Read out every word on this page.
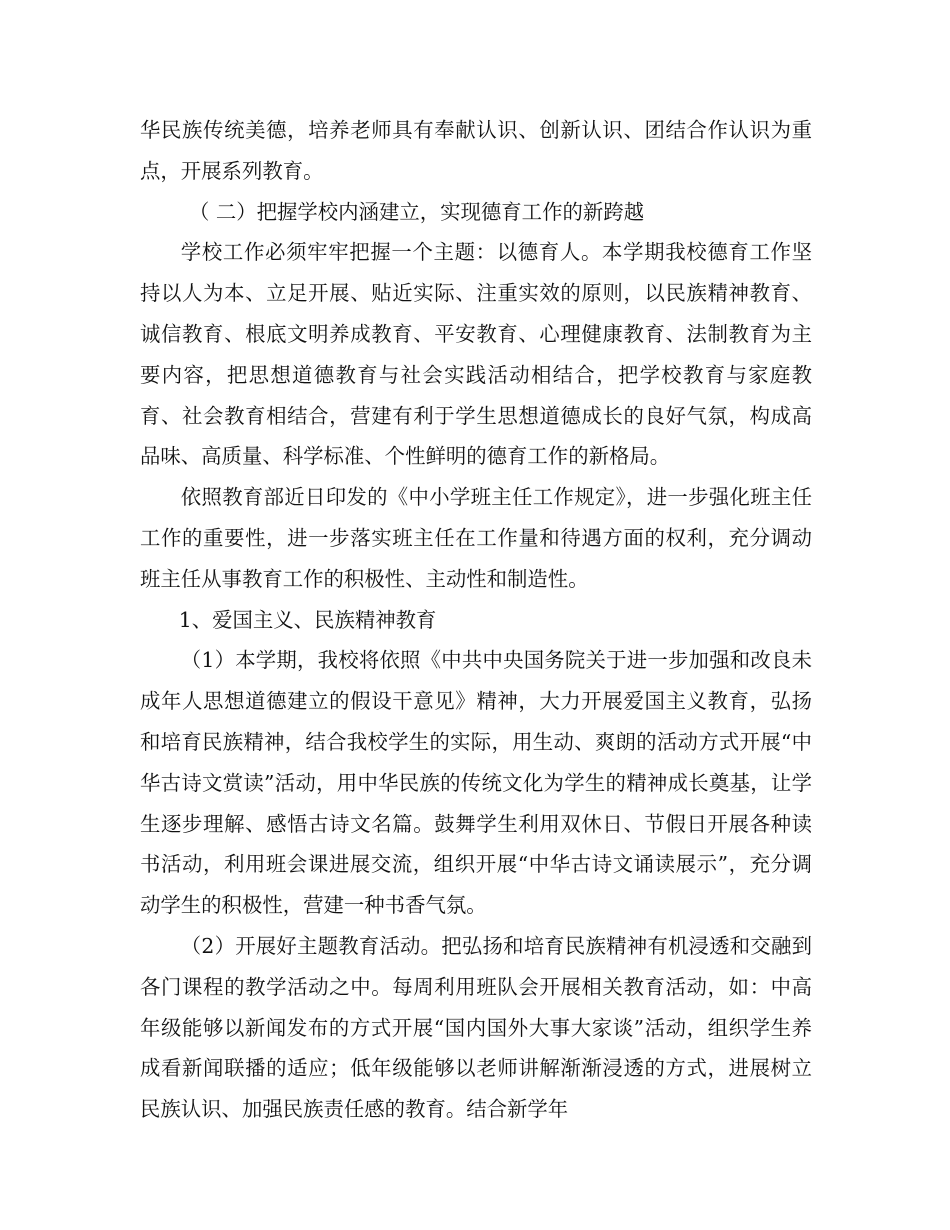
华民族传统美德，培养老师具有奉献认识、创新认识、团结合作认识为重点，开展系列教育。

（ 二）把握学校内涵建立，实现德育工作的新跨越

学校工作必须牢牢把握一个主题：以德育人。本学期我校德育工作坚持以人为本、立足开展、贴近实际、注重实效的原则，以民族精神教育、诚信教育、根底文明养成教育、平安教育、心理健康教育、法制教育为主要内容，把思想道德教育与社会实践活动相结合，把学校教育与家庭教育、社会教育相结合，营建有利于学生思想道德成长的良好气氛，构成高品味、高质量、科学标准、个性鲜明的德育工作的新格局。

依照教育部近日印发的《中小学班主任工作规定》，进一步强化班主任工作的重要性，进一步落实班主任在工作量和待遇方面的权利，充分调动班主任从事教育工作的积极性、主动性和制造性。

1、爱国主义、民族精神教育

（1）本学期，我校将依照《中共中央国务院关于进一步加强和改良未成年人思想道德建立的假设干意见》精神，大力开展爱国主义教育，弘扬和培育民族精神，结合我校学生的实际，用生动、爽朗的活动方式开展“中华古诗文赏读”活动，用中华民族的传统文化为学生的精神成长奠基，让学生逐步理解、感悟古诗文名篇。鼓舞学生利用双休日、节假日开展各种读书活动，利用班会课进展交流，组织开展“中华古诗文诵读展示”，充分调动学生的积极性，营建一种书香气氛。

（2）开展好主题教育活动。把弘扬和培育民族精神有机浸透和交融到各门课程的教学活动之中。每周利用班队会开展相关教育活动，如：中高年级能够以新闻发布的方式开展“国内国外大事大家谈”活动，组织学生养成看新闻联播的适应；低年级能够以老师讲解渐渐浸透的方式，进展树立民族认识、加强民族责任感的教育。结合新学年
